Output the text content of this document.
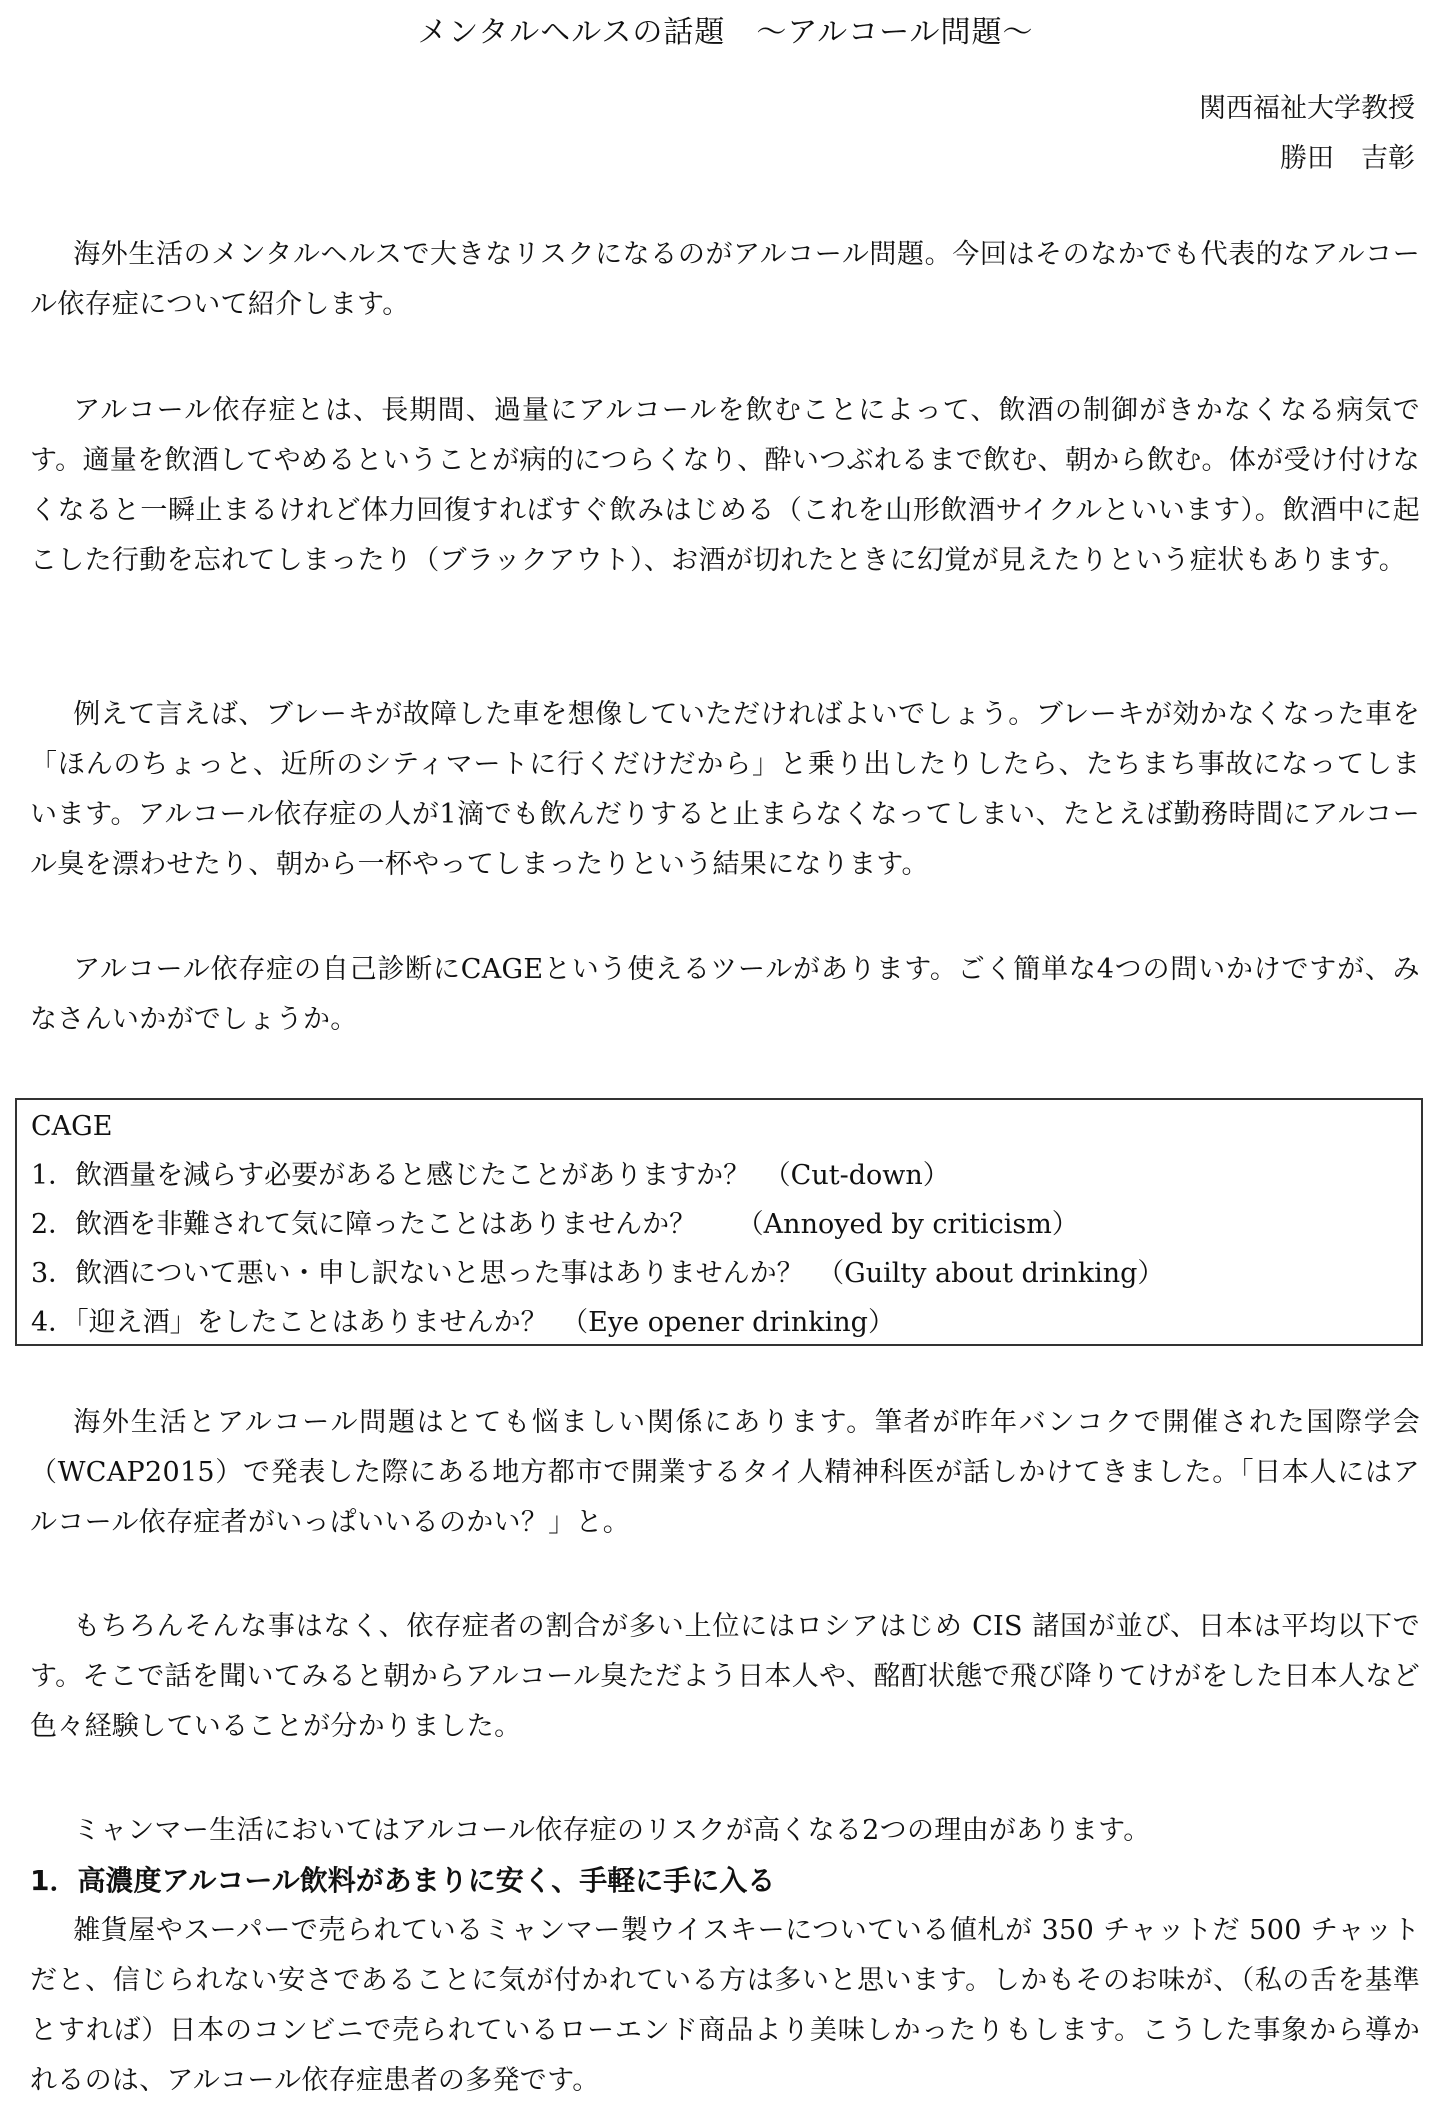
メンタルヘルスの話題　～アルコール問題～
関西福祉大学教授
勝田　吉彰
海外生活のメンタルヘルスで大きなリスクになるのがアルコール問題。今回はそのなかでも代表的なアルコール依存症について紹介します。
アルコール依存症とは、長期間、過量にアルコールを飲むことによって、飲酒の制御がきかなくなる病気です。適量を飲酒してやめるということが病的につらくなり、酔いつぶれるまで飲む、朝から飲む。体が受け付けなくなると一瞬止まるけれど体力回復すればすぐ飲みはじめる（これを山形飲酒サイクルといいます）。飲酒中に起こした行動を忘れてしまったり（ブラックアウト）、お酒が切れたときに幻覚が見えたりという症状もあります。
例えて言えば、ブレーキが故障した車を想像していただければよいでしょう。ブレーキが効かなくなった車を「ほんのちょっと、近所のシティマートに行くだけだから」と乗り出したりしたら、たちまち事故になってしまいます。アルコール依存症の人が1滴でも飲んだりすると止まらなくなってしまい、たとえば勤務時間にアルコール臭を漂わせたり、朝から一杯やってしまったりという結果になります。
アルコール依存症の自己診断にCAGEという使えるツールがあります。ごく簡単な4つの問いかけですが、みなさんいかがでしょうか。
CAGE
1．飲酒量を減らす必要があると感じたことがありますか？　（Cut-down）
2．飲酒を非難されて気に障ったことはありませんか？　　（Annoyed by criticism）
3．飲酒について悪い・申し訳ないと思った事はありませんか？　（Guilty about drinking）
4．「迎え酒」をしたことはありませんか？　（Eye opener drinking）
海外生活とアルコール問題はとても悩ましい関係にあります。筆者が昨年バンコクで開催された国際学会（WCAP2015）で発表した際にある地方都市で開業するタイ人精神科医が話しかけてきました。「日本人にはアルコール依存症者がいっぱいいるのかい？」と。
もちろんそんな事はなく、依存症者の割合が多い上位にはロシアはじめ CIS 諸国が並び、日本は平均以下です。そこで話を聞いてみると朝からアルコール臭ただよう日本人や、酩酊状態で飛び降りてけがをした日本人など色々経験していることが分かりました。
ミャンマー生活においてはアルコール依存症のリスクが高くなる2つの理由があります。
1．高濃度アルコール飲料があまりに安く、手軽に手に入る
雑貨屋やスーパーで売られているミャンマー製ウイスキーについている値札が 350 チャットだ 500 チャットだと、信じられない安さであることに気が付かれている方は多いと思います。しかもそのお味が、（私の舌を基準とすれば）日本のコンビニで売られているローエンド商品より美味しかったりもします。こうした事象から導かれるのは、アルコール依存症患者の多発です。
